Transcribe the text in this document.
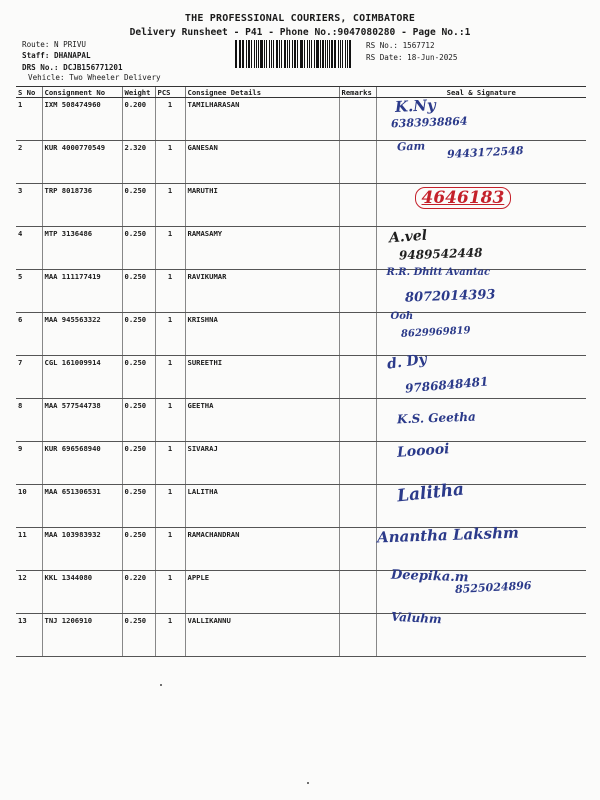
THE PROFESSIONAL COURIERS, COIMBATORE
Delivery Runsheet - P41 - Phone No.:9047080280 - Page No.:1
Route: N PRIVU
Staff: DHANAPAL
DRS No.: DCJB156771201
Vehicle: Two Wheeler Delivery
RS No.: 1567712
RS Date: 18-Jun-2025
S No	Consignment No	Weight	PCS	Consignee Details	Remarks	Seal & Signature
1	IXM 508474960	0.200	1	TAMILHARASAN		K.Ny
6383938864

2	KUR 4000770549	2.320	1	GANESAN		Gam 9443172548

3	TRP 8018736	0.250	1	MARUTHI		4646183

4	MTP 3136486	0.250	1	RAMASAMY		A.vel
9489542448

5	MAA 111177419	0.250	1	RAVIKUMAR		R.R. Dhitt Avantac
8072014393

6	MAA 945563322	0.250	1	KRISHNA		Ooh
8629969819

7	CGL 161009914	0.250	1	SUREETHI		d. Dy
9786848481

8	MAA 577544738	0.250	1	GEETHA		K.S. Geetha

9	KUR 696568940	0.250	1	SIVARAJ		Looooi

10	MAA 651306531	0.250	1	LALITHA		Lalitha

11	MAA 103983932	0.250	1	RAMACHANDRAN		Anantha Lakshm

12	KKL 1344080	0.220	1	APPLE		Deepika.m
8525024896

13	TNJ 1206910	0.250	1	VALLIKANNU		Valuhm
